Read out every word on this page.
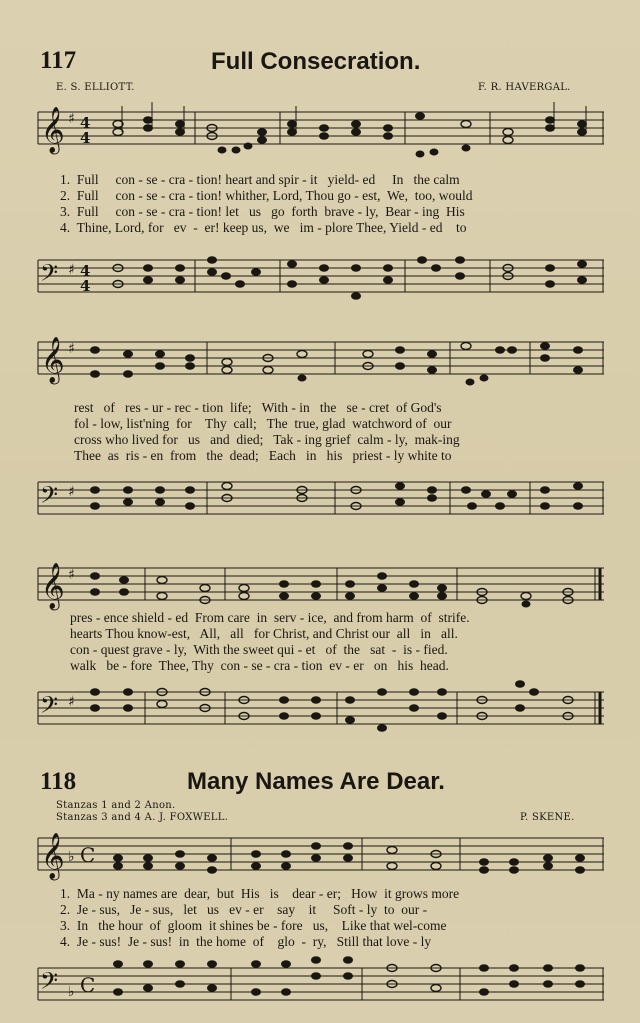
117	Full Consecration.
E. S. ELLIOTT.	F. R. HAVERGAL.
𝄞 ♯ 4
4
1.  Full     con - se - cra - tion! heart and spir - it   yield- ed     In   the calm
2.  Full     con - se - cra - tion! whither, Lord, Thou go - est,  We,  too, would
3.  Full     con - se - cra - tion! let   us   go  forth  brave - ly,  Bear - ing  His
4.  Thine, Lord, for   ev  -  er! keep us,  we   im - plore Thee, Yield - ed    to
𝄢 ♯ 4
4
𝄞 ♯
rest   of   res - ur - rec - tion  life;   With - in   the   se - cret  of God's
fol - low, list'ning  for    Thy  call;   The  true, glad  watchword of  our
cross who lived for   us   and  died;   Tak - ing grief  calm - ly,  mak-ing
Thee  as  ris - en  from   the  dead;   Each   in   his   priest - ly white to
𝄢 ♯
𝄞 ♯
pres - ence shield - ed  From care  in  serv - ice,  and from harm  of  strife.
hearts Thou know-est,   All,   all   for Christ, and Christ our  all   in   all.
con - quest grave - ly,  With the sweet qui - et   of  the   sat  -  is - fied.
walk   be - fore  Thee, Thy  con - se - cra - tion  ev - er   on   his  head.
𝄢 ♯
118	Many Names Are Dear.
Stanzas 1 and 2 Anon.
Stanzas 3 and 4 A. J. FOXWELL.	P. SKENE.
𝄞 ♭ C
1.  Ma - ny names are  dear,  but  His   is    dear - er;   How  it grows more
2.  Je - sus,   Je - sus,   let   us   ev - er    say    it     Soft - ly  to  our -
3.  In   the hour  of  gloom  it shines be - fore   us,    Like that wel-come
4.  Je - sus!  Je - sus!  in  the home  of    glo  -  ry,   Still that love - ly
𝄢 ♭ C
